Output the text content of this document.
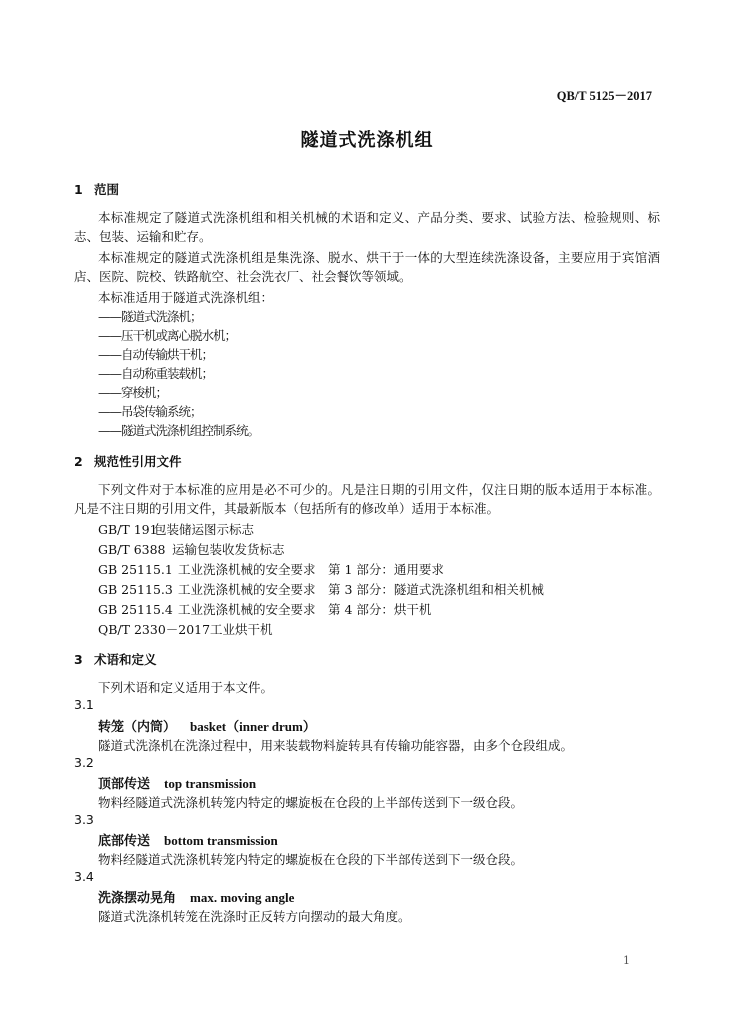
QB/T 5125－2017
隧道式洗涤机组
1 范围
本标准规定了隧道式洗涤机组和相关机械的术语和定义、产品分类、要求、试验方法、检验规则、标志、包装、运输和贮存。
本标准规定的隧道式洗涤机组是集洗涤、脱水、烘干于一体的大型连续洗涤设备，主要应用于宾馆酒店、医院、院校、铁路航空、社会洗衣厂、社会餐饮等领域。
本标准适用于隧道式洗涤机组：
——隧道式洗涤机；
——压干机或离心脱水机；
——自动传输烘干机；
——自动称重装载机；
——穿梭机；
——吊袋传输系统；
——隧道式洗涤机组控制系统。
2 规范性引用文件
下列文件对于本标准的应用是必不可少的。凡是注日期的引用文件，仅注日期的版本适用于本标准。凡是不注日期的引用文件，其最新版本（包括所有的修改单）适用于本标准。
GB/T 191 包装储运图示标志
GB/T 6388 运输包装收发货标志
GB 25115.1 工业洗涤机械的安全要求　第 1 部分：通用要求
GB 25115.3 工业洗涤机械的安全要求　第 3 部分：隧道式洗涤机组和相关机械
GB 25115.4 工业洗涤机械的安全要求　第 4 部分：烘干机
QB/T 2330－2017 工业烘干机
3 术语和定义
下列术语和定义适用于本文件。
3.1
转笼（内筒） basket（inner drum）
隧道式洗涤机在洗涤过程中，用来装载物料旋转具有传输功能容器，由多个仓段组成。
3.2
顶部传送 top transmission
物料经隧道式洗涤机转笼内特定的螺旋板在仓段的上半部传送到下一级仓段。
3.3
底部传送 bottom transmission
物料经隧道式洗涤机转笼内特定的螺旋板在仓段的下半部传送到下一级仓段。
3.4
洗涤摆动晃角 max. moving angle
隧道式洗涤机转笼在洗涤时正反转方向摆动的最大角度。
1
